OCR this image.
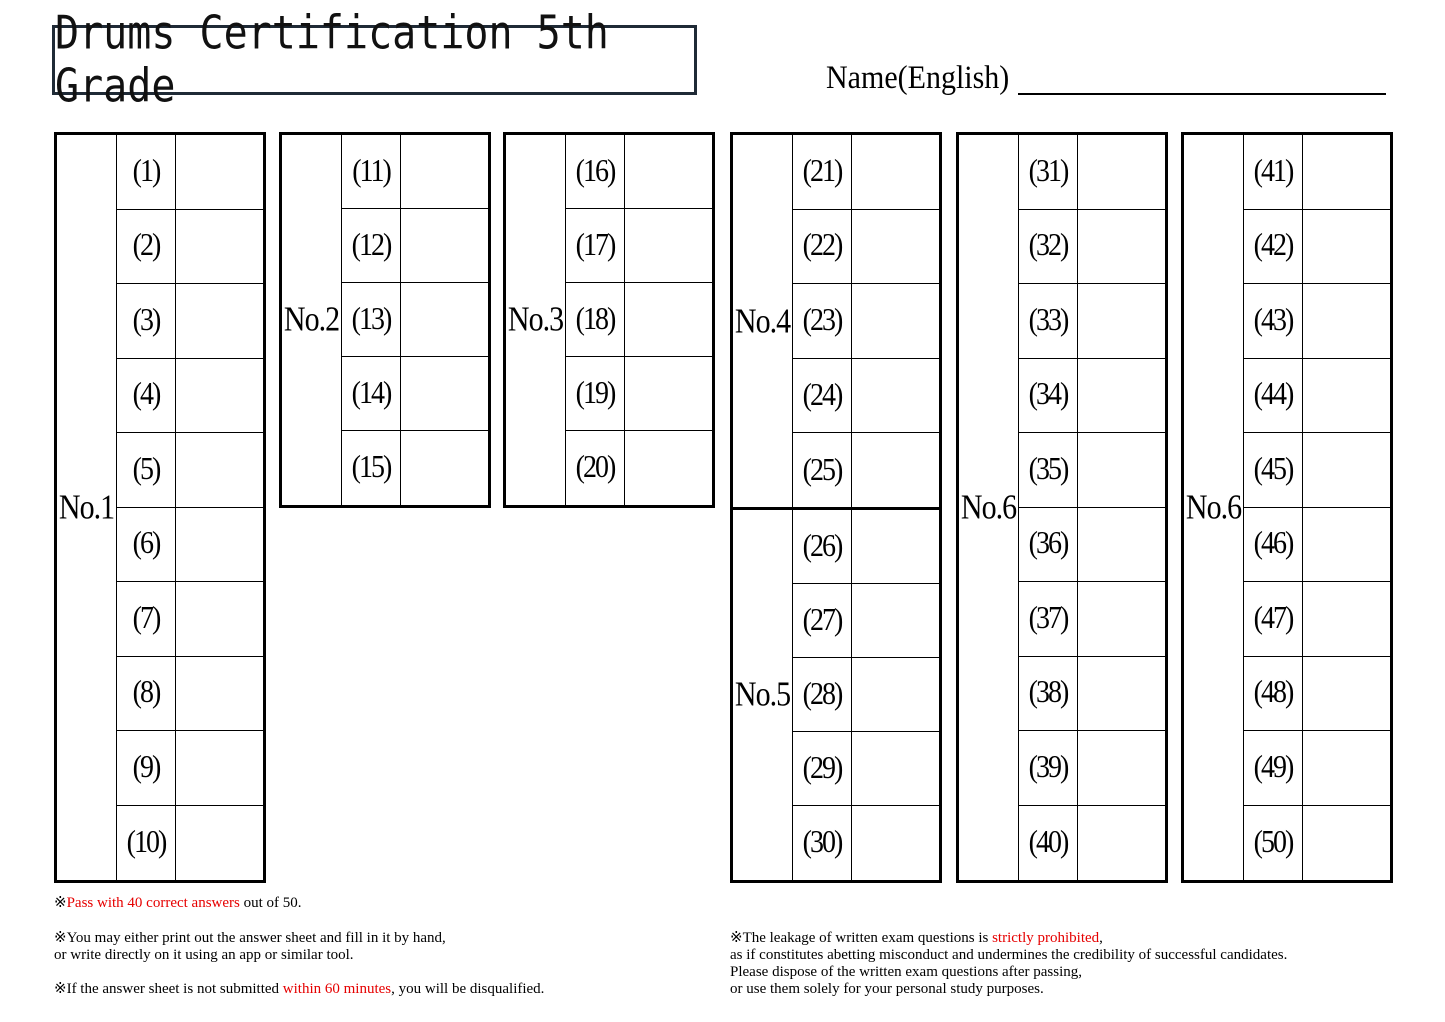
Drums Certification 5th Grade	Name(English)
No.1
(1)
(2)
(3)
(4)
(5)
(6)
(7)
(8)
(9)
(10)
No.2
(11)
(12)
(13)
(14)
(15)
No.3
(16)
(17)
(18)
(19)
(20)
No.4
(21)
(22)
(23)
(24)
(25)
No.5
(26)
(27)
(28)
(29)
(30)
No.6
(31)
(32)
(33)
(34)
(35)
(36)
(37)
(38)
(39)
(40)
No.6
(41)
(42)
(43)
(44)
(45)
(46)
(47)
(48)
(49)
(50)
※Pass with 40 correct answers out of 50.
※You may either print out the answer sheet and fill in it by hand,
or write directly on it using an app or similar tool.
※If the answer sheet is not submitted within 60 minutes, you will be disqualified.
※The leakage of written exam questions is strictly prohibited,
as if constitutes abetting misconduct and undermines the credibility of successful candidates.
Please dispose of the written exam questions after passing,
or use them solely for your personal study purposes.
